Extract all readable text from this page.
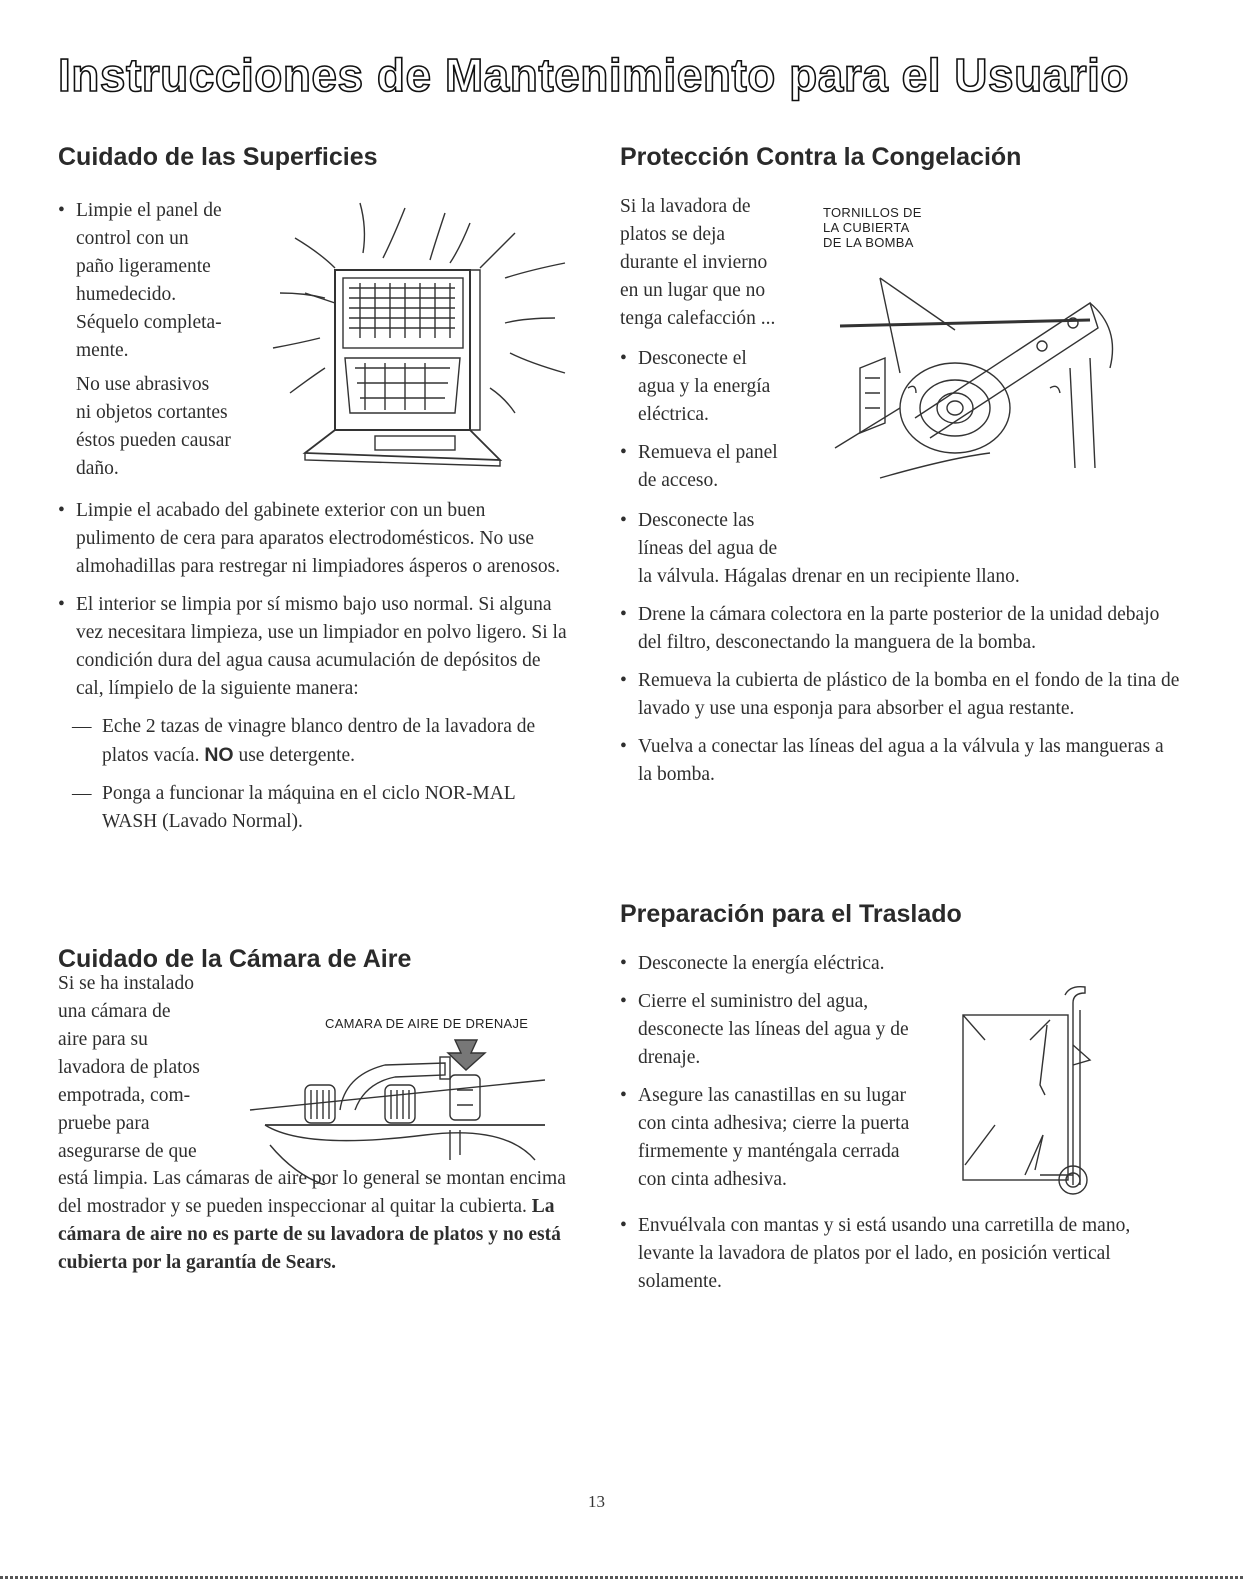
Instrucciones de Mantenimiento para el Usuario
Cuidado de las Superficies
• Limpie el panel de
control con un
paño ligeramente
humedecido.
Séquelo completa-
mente.
No use abrasivos
ni objetos cortantes
éstos pueden causar
daño.
• Limpie el acabado del gabinete exterior con un buen pulimento de cera para aparatos electrodomésticos. No use almohadillas para restregar ni limpiadores ásperos o arenosos.
• El interior se limpia por sí mismo bajo uso normal. Si alguna vez necesitara limpieza, use un limpiador en polvo ligero. Si la condición dura del agua causa acumulación de depósitos de cal, límpielo de la siguiente manera:
— Eche 2 tazas de vinagre blanco dentro de la lavadora de platos vacía. NO use detergente.
— Ponga a funcionar la máquina en el ciclo NOR-MAL WASH (Lavado Normal).
Cuidado de la Cámara de Aire
CAMARA DE AIRE DE DRENAJE
Si se ha instalado
una cámara de
aire para su
lavadora de platos
empotrada, com-
pruebe para
asegurarse de que
está limpia. Las cámaras de aire por lo general se montan encima del mostrador y se pueden inspeccionar al quitar la cubierta. La cámara de aire no es parte de su lavadora de platos y no está cubierta por la garantía de Sears.
Protección Contra la Congelación
Si la lavadora de
platos se deja
durante el invierno
en un lugar que no
tenga calefacción ...
TORNILLOS DE
LA CUBIERTA
DE LA BOMBA
• Desconecte el
agua y la energía
eléctrica.
• Remueva el panel
de acceso.
• Desconecte las
líneas del agua de
la válvula. Hágalas drenar en un recipiente llano.
• Drene la cámara colectora en la parte posterior de la unidad debajo del filtro, desconectando la manguera de la bomba.
• Remueva la cubierta de plástico de la bomba en el fondo de la tina de lavado y use una esponja para absorber el agua restante.
• Vuelva a conectar las líneas del agua a la válvula y las mangueras a la bomba.
Preparación para el Traslado
• Desconecte la energía eléctrica.
• Cierre el suministro del agua,
desconecte las líneas del agua y de
drenaje.
• Asegure las canastillas en su lugar
con cinta adhesiva; cierre la puerta
firmemente y manténgala cerrada
con cinta adhesiva.
• Envuélvala con mantas y si está usando una carretilla de mano, levante la lavadora de platos por el lado, en posición vertical solamente.
13
